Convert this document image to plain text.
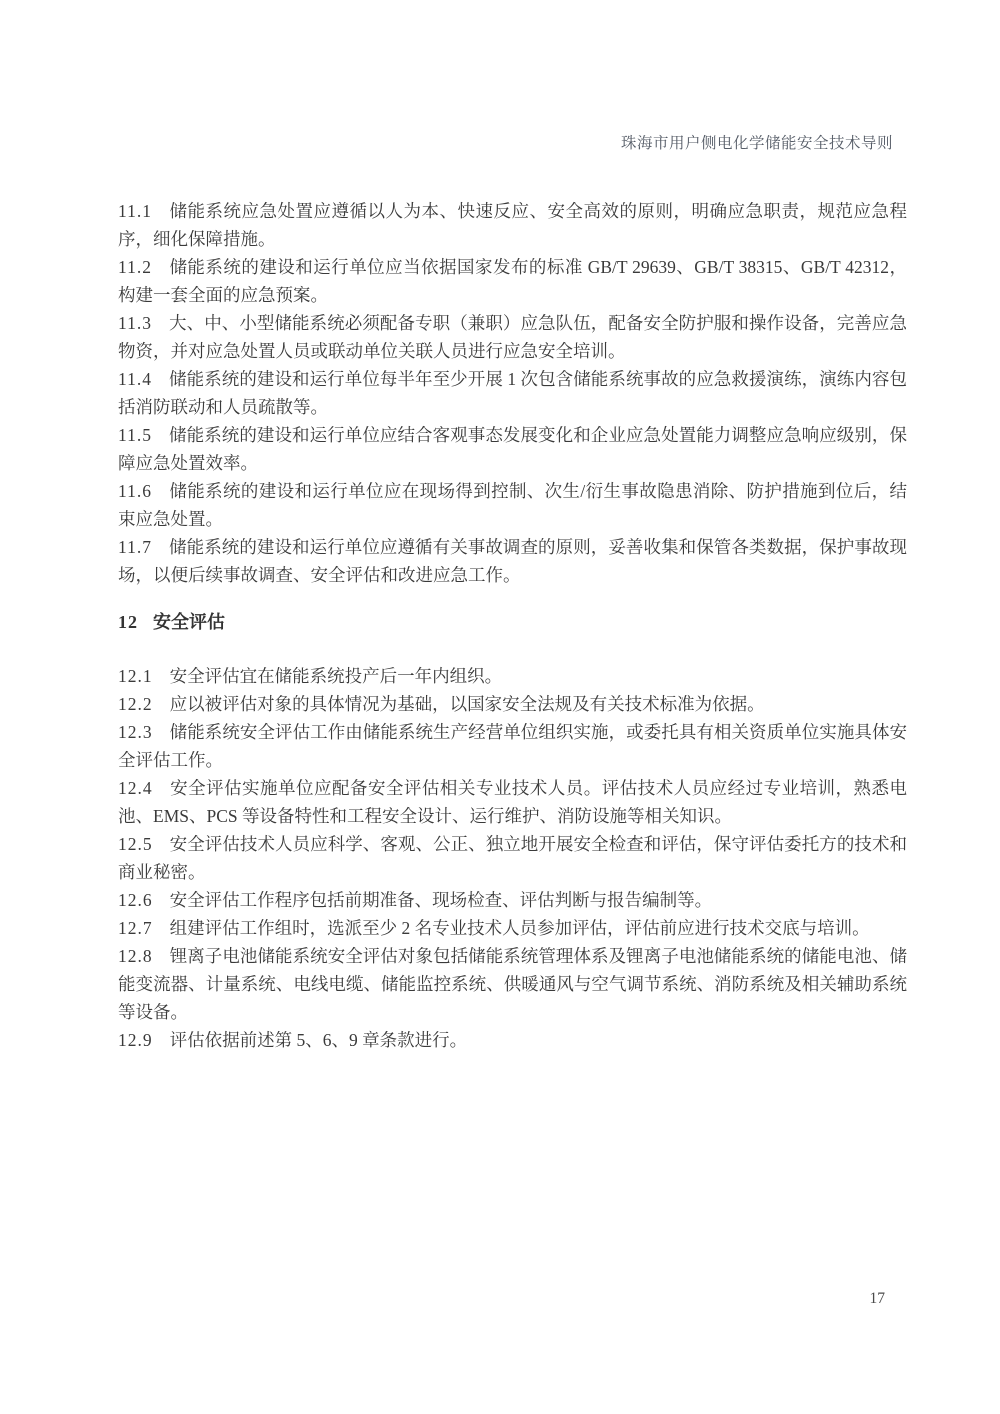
珠海市用户侧电化学储能安全技术导则

11.1 储能系统应急处置应遵循以人为本、快速反应、安全高效的原则，明确应急职责，规范应急程序，细化保障措施。

11.2 储能系统的建设和运行单位应当依据国家发布的标准 GB/T 29639、GB/T 38315、GB/T 42312，构建一套全面的应急预案。

11.3 大、中、小型储能系统必须配备专职（兼职）应急队伍，配备安全防护服和操作设备，完善应急物资，并对应急处置人员或联动单位关联人员进行应急安全培训。

11.4 储能系统的建设和运行单位每半年至少开展 1 次包含储能系统事故的应急救援演练，演练内容包括消防联动和人员疏散等。

11.5 储能系统的建设和运行单位应结合客观事态发展变化和企业应急处置能力调整应急响应级别，保障应急处置效率。

11.6 储能系统的建设和运行单位应在现场得到控制、次生/衍生事故隐患消除、防护措施到位后，结束应急处置。

11.7 储能系统的建设和运行单位应遵循有关事故调查的原则，妥善收集和保管各类数据，保护事故现场，以便后续事故调查、安全评估和改进应急工作。

12 安全评估

12.1 安全评估宜在储能系统投产后一年内组织。

12.2 应以被评估对象的具体情况为基础，以国家安全法规及有关技术标准为依据。

12.3 储能系统安全评估工作由储能系统生产经营单位组织实施，或委托具有相关资质单位实施具体安全评估工作。

12.4 安全评估实施单位应配备安全评估相关专业技术人员。评估技术人员应经过专业培训，熟悉电池、EMS、PCS 等设备特性和工程安全设计、运行维护、消防设施等相关知识。

12.5 安全评估技术人员应科学、客观、公正、独立地开展安全检查和评估，保守评估委托方的技术和商业秘密。

12.6 安全评估工作程序包括前期准备、现场检查、评估判断与报告编制等。

12.7 组建评估工作组时，选派至少 2 名专业技术人员参加评估，评估前应进行技术交底与培训。

12.8 锂离子电池储能系统安全评估对象包括储能系统管理体系及锂离子电池储能系统的储能电池、储能变流器、计量系统、电线电缆、储能监控系统、供暖通风与空气调节系统、消防系统及相关辅助系统等设备。

12.9 评估依据前述第 5、6、9 章条款进行。

17
